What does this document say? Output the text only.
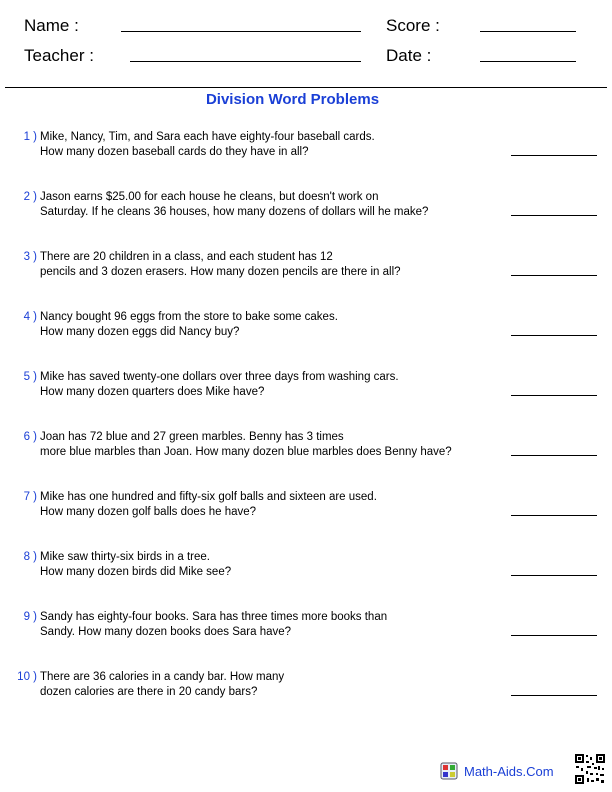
Name :	Score :
Teacher :	Date :
Division Word Problems
1 ) Mike, Nancy, Tim, and Sara each have eighty-four baseball cards.
How many dozen baseball cards do they have in all?
2 ) Jason earns $25.00 for each house he cleans, but doesn't work on
Saturday. If he cleans 36 houses, how many dozens of dollars will he make?
3 ) There are 20 children in a class, and each student has 12
pencils and 3 dozen erasers. How many dozen pencils are there in all?
4 ) Nancy bought 96 eggs from the store to bake some cakes.
How many dozen eggs did Nancy buy?
5 ) Mike has saved twenty-one dollars over three days from washing cars.
How many dozen quarters does Mike have?
6 ) Joan has 72 blue and 27 green marbles. Benny has 3 times
more blue marbles than Joan. How many dozen blue marbles does Benny have?
7 ) Mike has one hundred and fifty-six golf balls and sixteen are used.
How many dozen golf balls does he have?
8 ) Mike saw thirty-six birds in a tree.
How many dozen birds did Mike see?
9 ) Sandy has eighty-four books. Sara has three times more books than
Sandy. How many dozen books does Sara have?
10 ) There are 36 calories in a candy bar. How many
dozen calories are there in 20 candy bars?
Math-Aids.Com
